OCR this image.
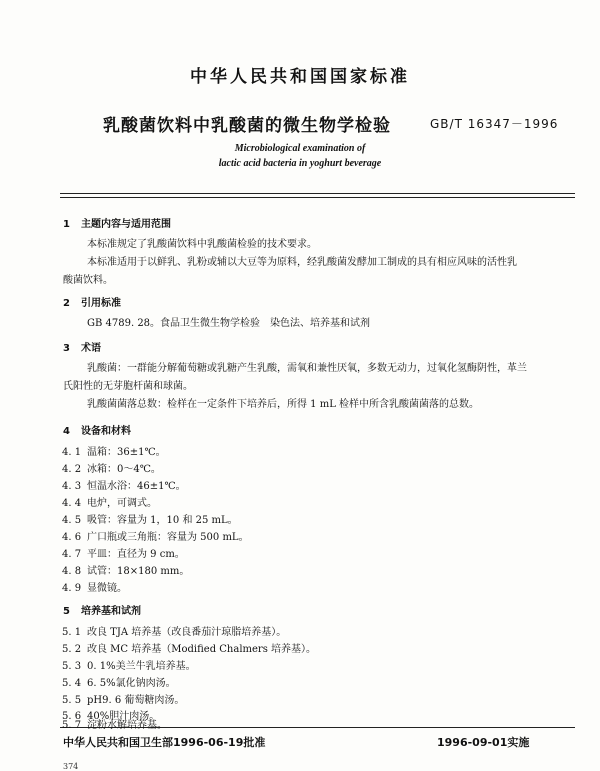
中华人民共和国国家标准
乳酸菌饮料中乳酸菌的微生物学检验	GB/T 16347－1996
Microbiological examination of
lactic acid bacteria in yoghurt beverage
1 主题内容与适用范围
本标准规定了乳酸菌饮料中乳酸菌检验的技术要求。
本标准适用于以鲜乳、乳粉或辅以大豆等为原料，经乳酸菌发酵加工制成的具有相应风味的活性乳
酸菌饮料。
2 引用标准
GB 4789. 28。食品卫生微生物学检验　染色法、培养基和试剂
3 术语
乳酸菌：一群能分解葡萄糖或乳糖产生乳酸，需氧和兼性厌氧，多数无动力，过氧化氢酶阴性，革兰
氏阳性的无芽胞杆菌和球菌。
乳酸菌菌落总数：检样在一定条件下培养后，所得 1 mL 检样中所含乳酸菌菌落的总数。
4 设备和材料
4. 1 温箱：36±1℃。
4. 2 冰箱：0～4℃。
4. 3 恒温水浴：46±1℃。
4. 4 电炉，可调式。
4. 5 吸管：容量为 1，10 和 25 mL。
4. 6 广口瓶或三角瓶：容量为 500 mL。
4. 7 平皿：直径为 9 cm。
4. 8 试管：18×180 mm。
4. 9 显微镜。
5 培养基和试剂
5. 1 改良 TJA 培养基（改良番茄汁琼脂培养基）。
5. 2 改良 MC 培养基（Modified Chalmers 培养基）。
5. 3 0. 1%美兰牛乳培养基。
5. 4 6. 5%氯化钠肉汤。
5. 5 pH9. 6 葡萄糖肉汤。
5. 6 40%胆汁肉汤。
5. 7 淀粉水解培养基。
中华人民共和国卫生部1996-06-19批准	1996-09-01实施
374
